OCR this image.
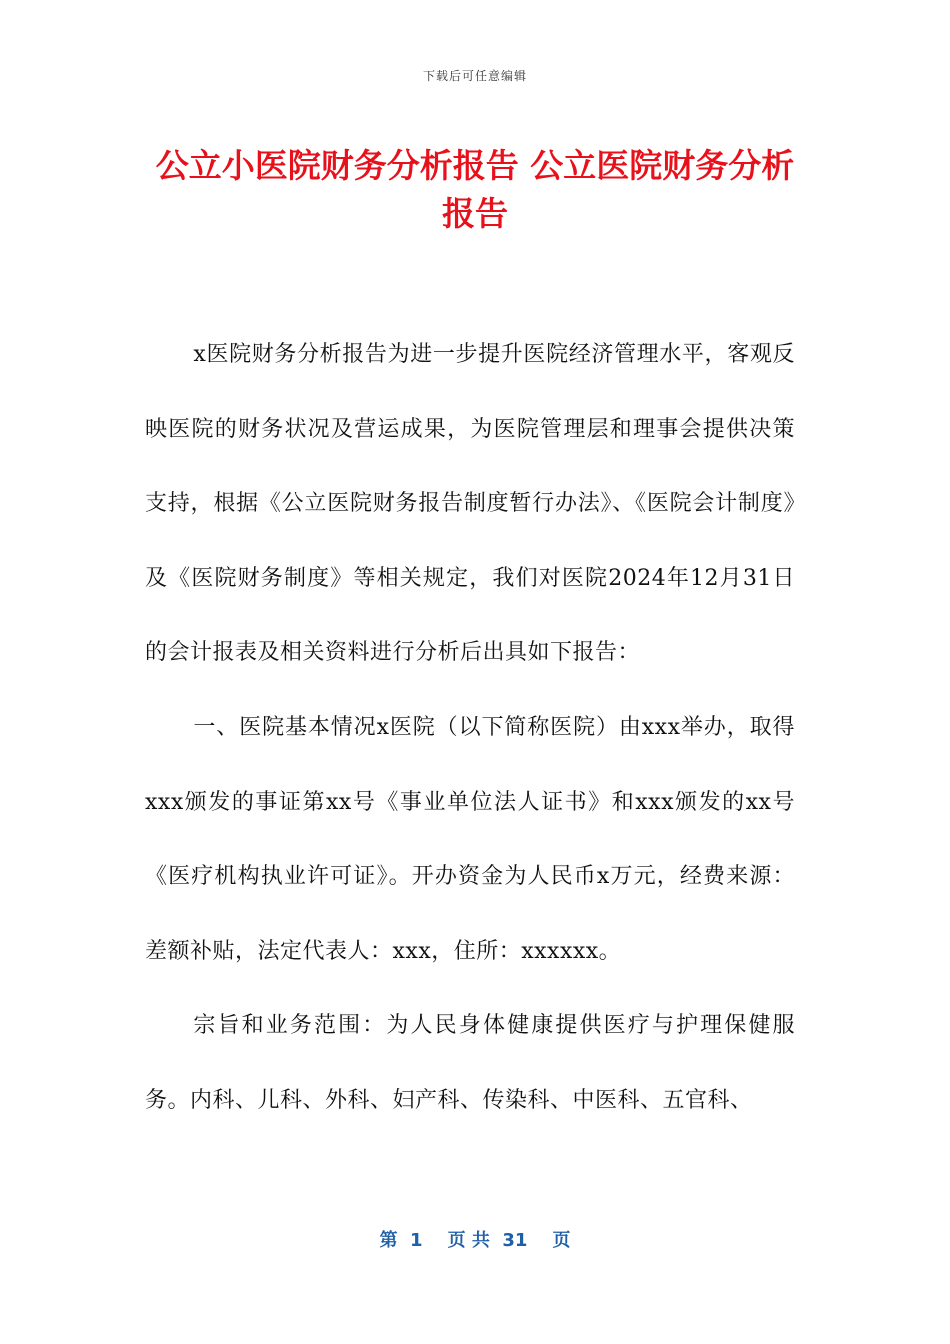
下载后可任意编辑
公立小医院财务分析报告 公立医院财务分析报告

x医院财务分析报告为进一步提升医院经济管理水平，客观反映医院的财务状况及营运成果，为医院管理层和理事会提供决策支持，根据《公立医院财务报告制度暂行办法》、《医院会计制度》及《医院财务制度》等相关规定，我们对医院2024年12月31日的会计报表及相关资料进行分析后出具如下报告：

一、医院基本情况x医院（以下简称医院）由xxx举办，取得xxx颁发的事证第xx号《事业单位法人证书》和xxx颁发的xx号《医疗机构执业许可证》。开办资金为人民币x万元，经费来源：差额补贴，法定代表人：xxx，住所：xxxxxx。

宗旨和业务范围：为人民身体健康提供医疗与护理保健服务。内科、儿科、外科、妇产科、传染科、中医科、五官科、

第  1    页 共  31    页
